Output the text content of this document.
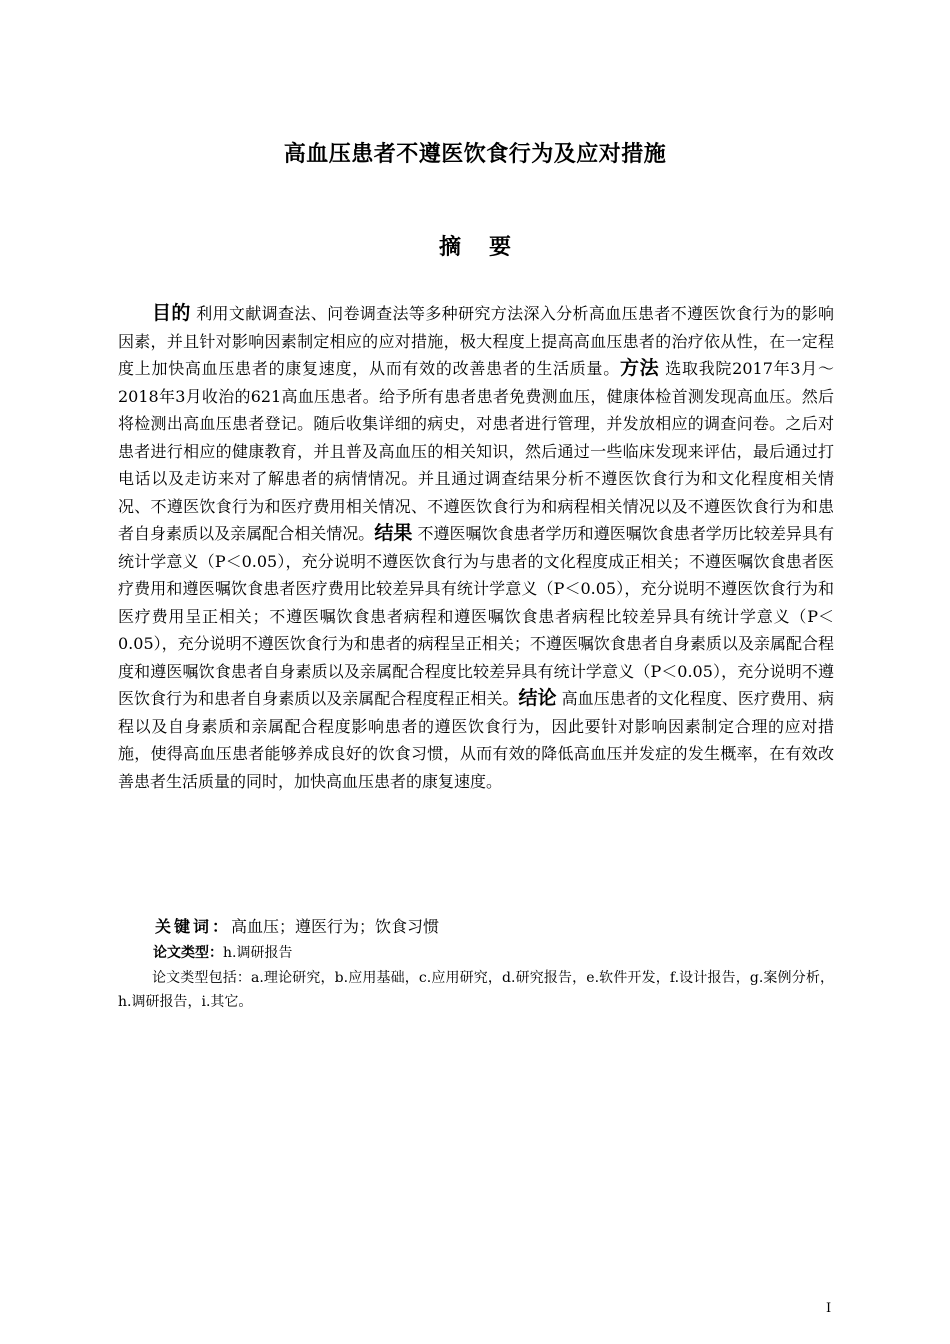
高血压患者不遵医饮食行为及应对措施
摘 要
目的 利用文献调查法、问卷调查法等多种研究方法深入分析高血压患者不遵医饮食行为的影响因素，并且针对影响因素制定相应的应对措施，极大程度上提高高血压患者的治疗依从性，在一定程度上加快高血压患者的康复速度，从而有效的改善患者的生活质量。方法 选取我院2017年3月～2018年3月收治的621高血压患者。给予所有患者患者免费测血压，健康体检首测发现高血压。然后将检测出高血压患者登记。随后收集详细的病史，对患者进行管理，并发放相应的调查问卷。之后对患者进行相应的健康教育，并且普及高血压的相关知识，然后通过一些临床发现来评估，最后通过打电话以及走访来对了解患者的病情情况。并且通过调查结果分析不遵医饮食行为和文化程度相关情况、不遵医饮食行为和医疗费用相关情况、不遵医饮食行为和病程相关情况以及不遵医饮食行为和患者自身素质以及亲属配合相关情况。结果 不遵医嘱饮食患者学历和遵医嘱饮食患者学历比较差异具有统计学意义（P＜0.05），充分说明不遵医饮食行为与患者的文化程度成正相关；不遵医嘱饮食患者医疗费用和遵医嘱饮食患者医疗费用比较差异具有统计学意义（P＜0.05），充分说明不遵医饮食行为和医疗费用呈正相关；不遵医嘱饮食患者病程和遵医嘱饮食患者病程比较差异具有统计学意义（P＜0.05），充分说明不遵医饮食行为和患者的病程呈正相关；不遵医嘱饮食患者自身素质以及亲属配合程度和遵医嘱饮食患者自身素质以及亲属配合程度比较差异具有统计学意义（P＜0.05），充分说明不遵医饮食行为和患者自身素质以及亲属配合程度程正相关。结论 高血压患者的文化程度、医疗费用、病程以及自身素质和亲属配合程度影响患者的遵医饮食行为，因此要针对影响因素制定合理的应对措施，使得高血压患者能够养成良好的饮食习惯，从而有效的降低高血压并发症的发生概率，在有效改善患者生活质量的同时，加快高血压患者的康复速度。
关键词：高血压；遵医行为；饮食习惯
论文类型：h.调研报告
论文类型包括：a.理论研究，b.应用基础，c.应用研究，d.研究报告，e.软件开发，f.设计报告，g.案例分析，h.调研报告，i.其它。
I
